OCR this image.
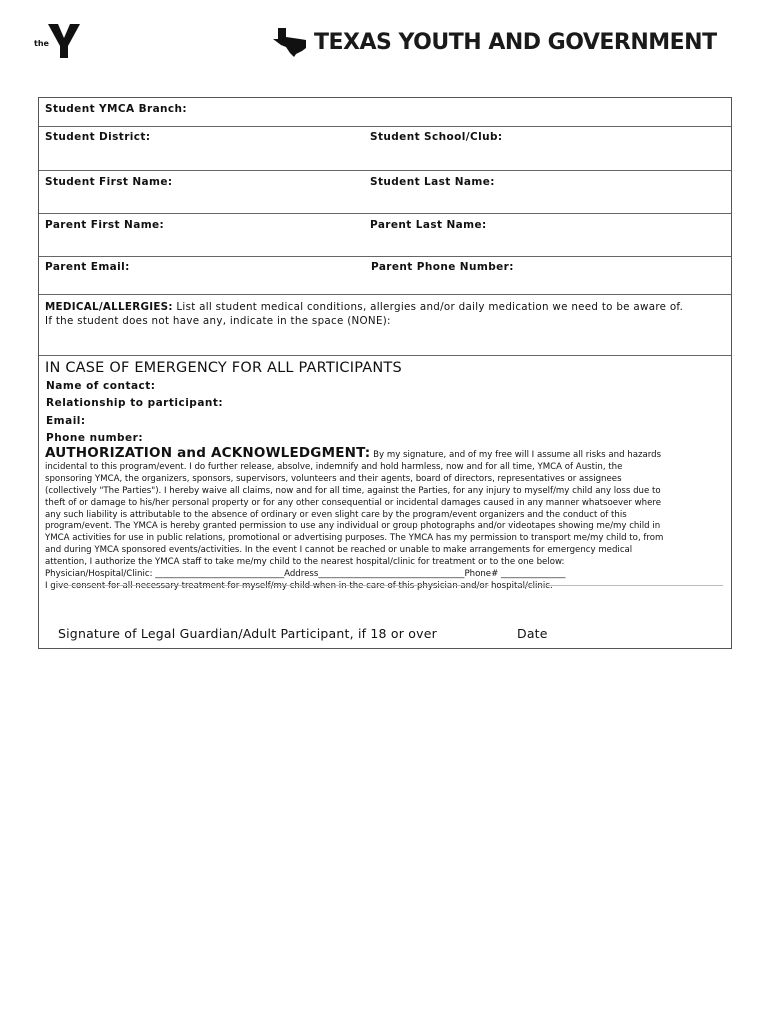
the	TEXAS YOUTH AND GOVERNMENT
Student YMCA Branch:
Student District:	Student School/Club:
Student First Name:	Student Last Name:
Parent First Name:	Parent Last Name:
Parent Email:	Parent Phone Number:
MEDICAL/ALLERGIES: List all student medical conditions, allergies and/or daily medication we need to be aware of.
If the student does not have any, indicate in the space (NONE):
IN CASE OF EMERGENCY FOR ALL PARTICIPANTS
Name of contact:
Relationship to participant:
Email:
Phone number:
AUTHORIZATION and ACKNOWLEDGMENT: By my signature, and of my free will I assume all risks and hazards
incidental to this program/event. I do further release, absolve, indemnify and hold harmless, now and for all time, YMCA of Austin, the
sponsoring YMCA, the organizers, sponsors, supervisors, volunteers and their agents, board of directors, representatives or assignees
(collectively "The Parties"). I hereby waive all claims, now and for all time, against the Parties, for any injury to myself/my child any loss due to
theft of or damage to his/her personal property or for any other consequential or incidental damages caused in any manner whatsoever where
any such liability is attributable to the absence of ordinary or even slight care by the program/event organizers and the conduct of this
program/event. The YMCA is hereby granted permission to use any individual or group photographs and/or videotapes showing me/my child in
YMCA activities for use in public relations, promotional or advertising purposes. The YMCA has my permission to transport me/my child to, from
and during YMCA sponsored events/activities. In the event I cannot be reached or unable to make arrangements for emergency medical
attention, I authorize the YMCA staff to take me/my child to the nearest hospital/clinic for treatment or to the one below:
Physician/Hospital/Clinic: ______________________________Address__________________________________Phone# _______________
I give consent for all necessary treatment for myself/my child when in the care of this physician and/or hospital/clinic.
Signature of Legal Guardian/Adult Participant, if 18 or over	Date
